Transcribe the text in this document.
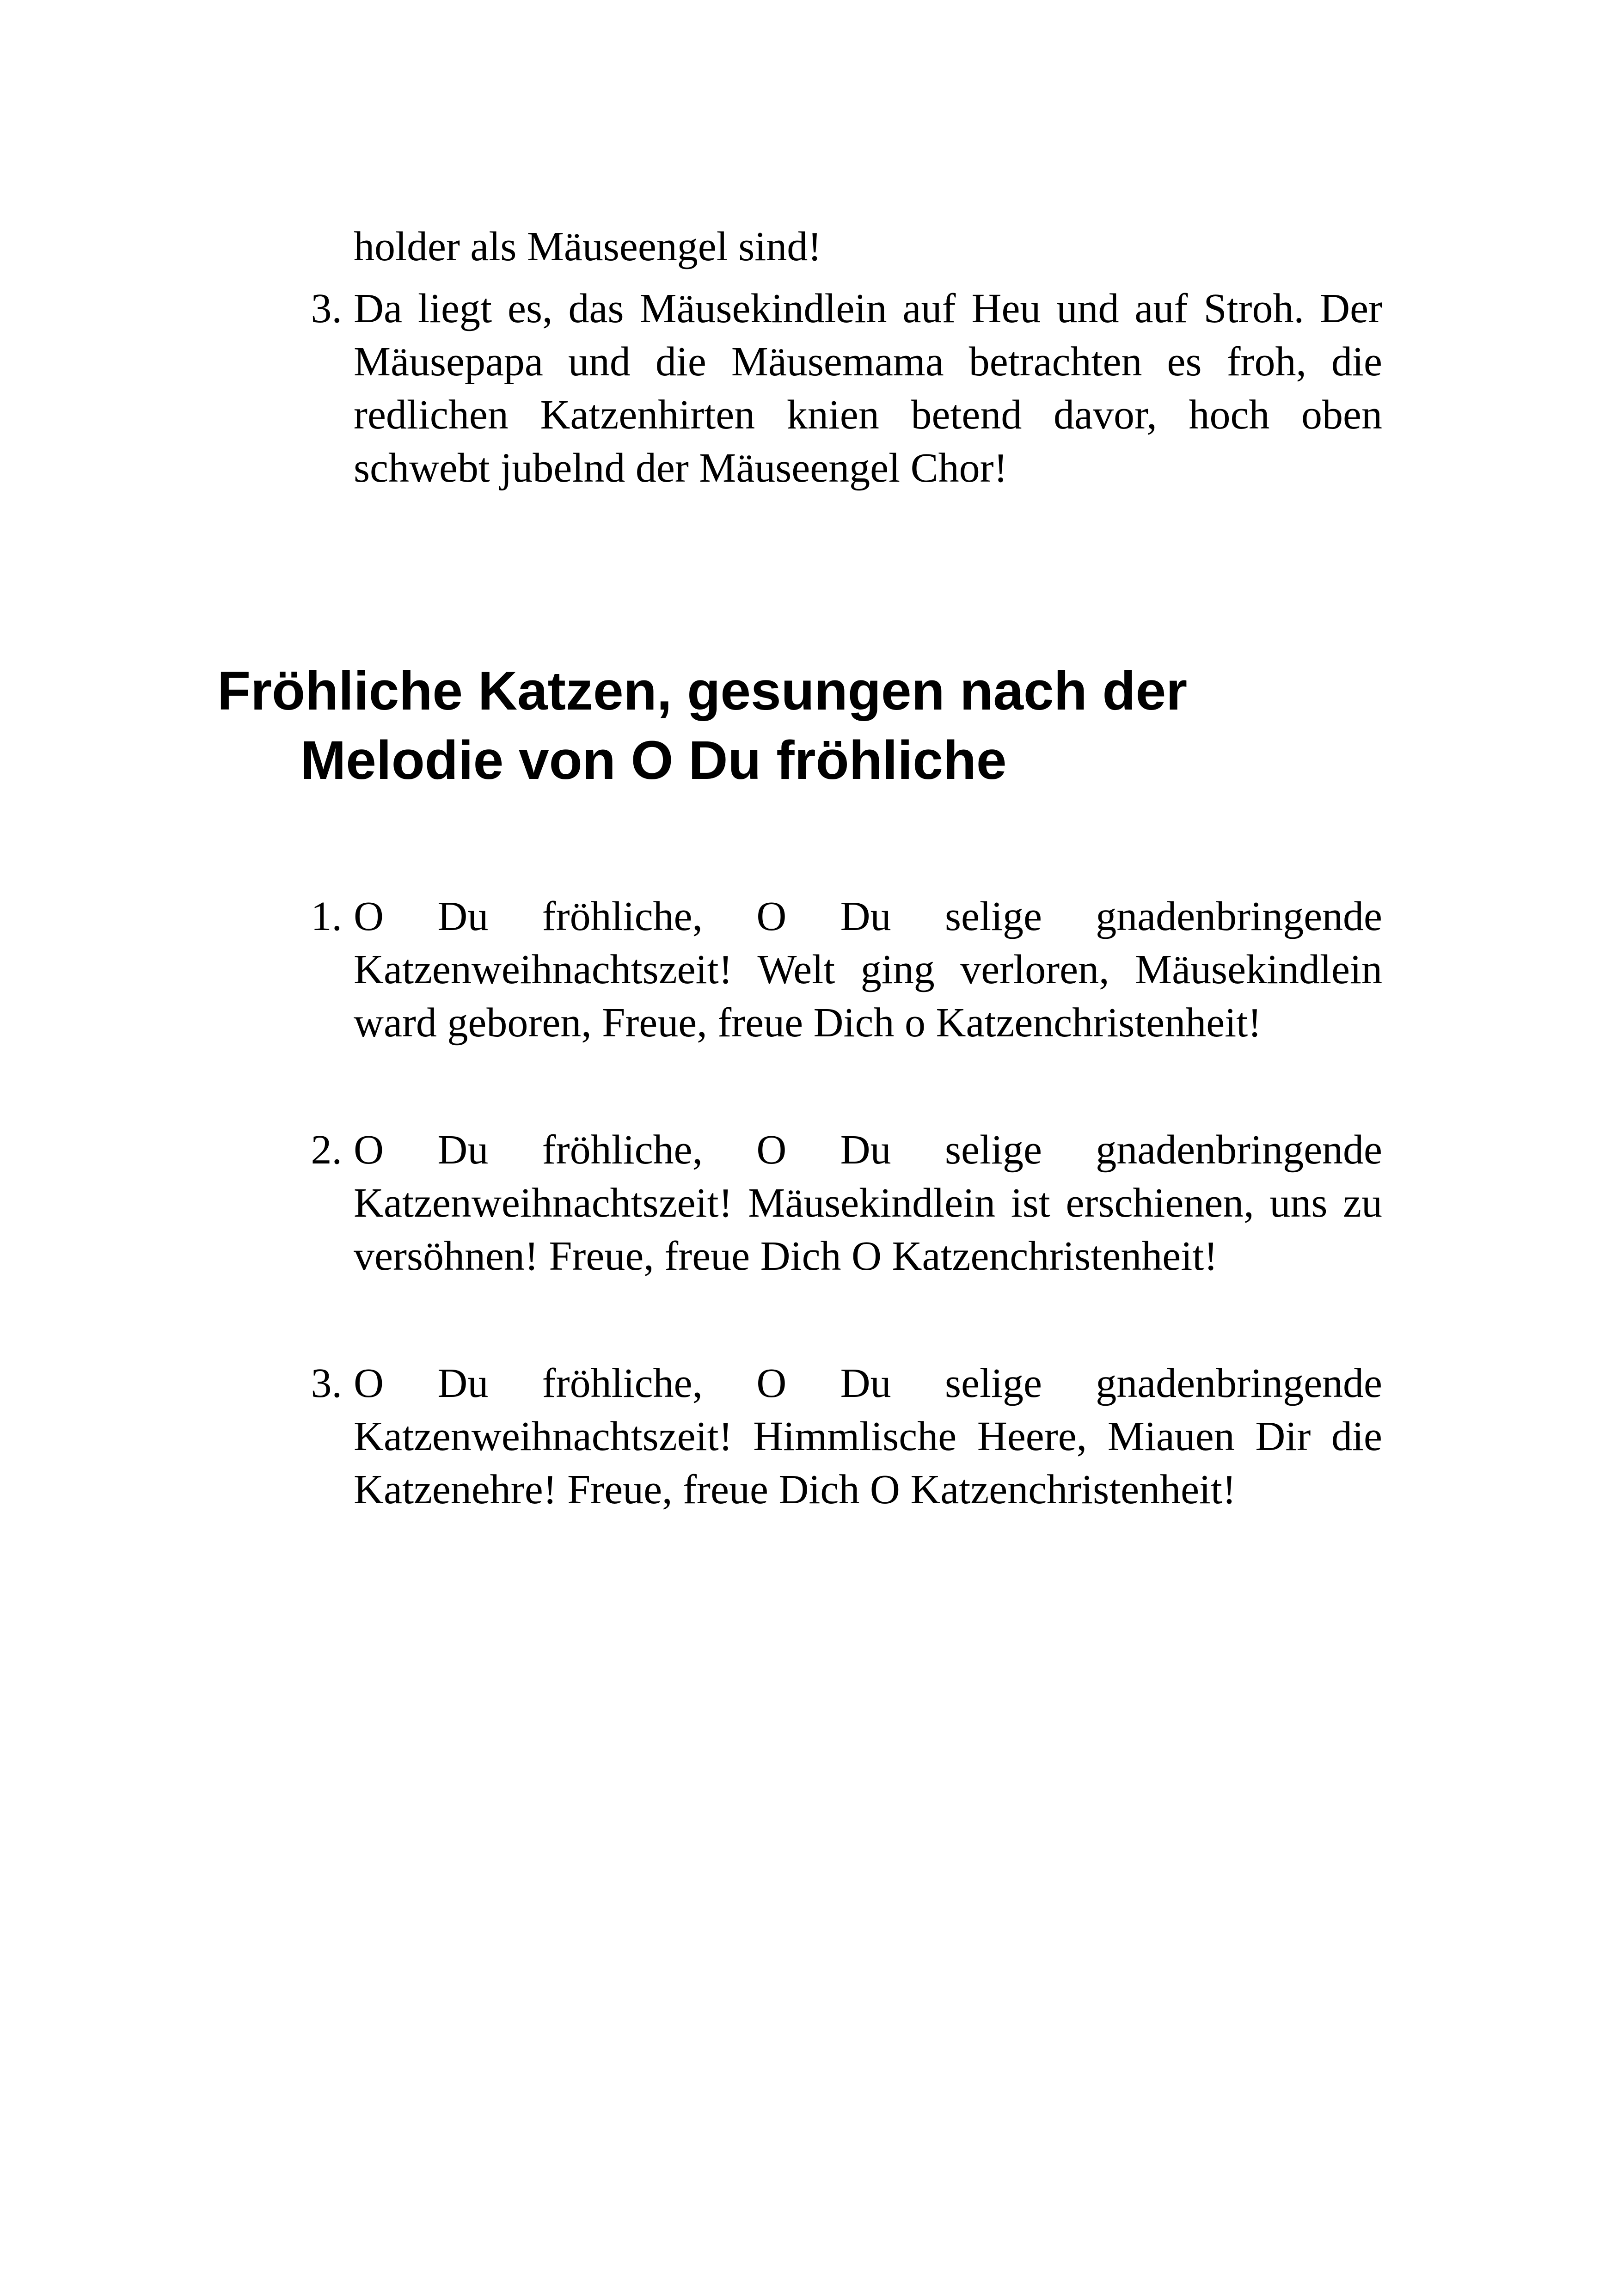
holder als Mäuseengel sind!
3. Da liegt es, das Mäusekindlein auf Heu und auf Stroh. Der Mäusepapa und die Mäusemama betrachten es froh, die redlichen Katzenhirten knien betend davor, hoch oben schwebt jubelnd der Mäuseengel Chor!
Fröhliche Katzen, gesungen nach der
Melodie von O Du fröhliche
1. O Du fröhliche, O Du selige gnadenbringende Katzenweihnachtszeit! Welt ging verloren, Mäusekindlein ward geboren, Freue, freue Dich o Katzenchristenheit!
2. O Du fröhliche, O Du selige gnadenbringende Katzenweihnachtszeit! Mäusekindlein ist erschienen, uns zu versöhnen! Freue, freue Dich O Katzenchristenheit!
3. O Du fröhliche, O Du selige gnadenbringende Katzenweihnachtszeit! Himmlische Heere, Miauen Dir die Katzenehre! Freue, freue Dich O Katzenchristenheit!
